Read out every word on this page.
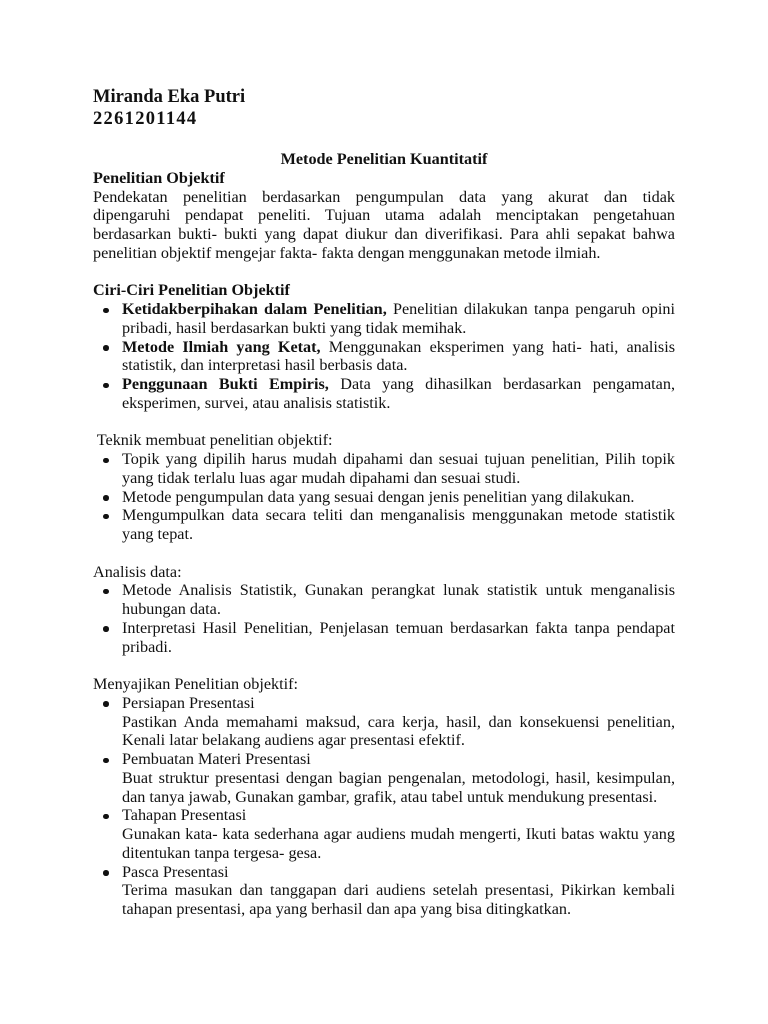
Miranda Eka Putri
2261201144
Metode Penelitian Kuantitatif
Penelitian Objektif
Pendekatan penelitian berdasarkan pengumpulan data yang akurat dan tidak
dipengaruhi pendapat peneliti. Tujuan utama adalah menciptakan pengetahuan
berdasarkan bukti- bukti yang dapat diukur dan diverifikasi. Para ahli sepakat bahwa
penelitian objektif mengejar fakta- fakta dengan menggunakan metode ilmiah.
Ciri-Ciri Penelitian Objektif
Ketidakberpihakan dalam Penelitian, Penelitian dilakukan tanpa pengaruh opini
pribadi, hasil berdasarkan bukti yang tidak memihak.
Metode Ilmiah yang Ketat, Menggunakan eksperimen yang hati- hati, analisis
statistik, dan interpretasi hasil berbasis data.
Penggunaan Bukti Empiris, Data yang dihasilkan berdasarkan pengamatan,
eksperimen, survei, atau analisis statistik.
Teknik membuat penelitian objektif:
Topik yang dipilih harus mudah dipahami dan sesuai tujuan penelitian, Pilih topik
yang tidak terlalu luas agar mudah dipahami dan sesuai studi.
Metode pengumpulan data yang sesuai dengan jenis penelitian yang dilakukan.
Mengumpulkan data secara teliti dan menganalisis menggunakan metode statistik
yang tepat.
Analisis data:
Metode Analisis Statistik, Gunakan perangkat lunak statistik untuk menganalisis
hubungan data.
Interpretasi Hasil Penelitian, Penjelasan temuan berdasarkan fakta tanpa pendapat
pribadi.
Menyajikan Penelitian objektif:
Persiapan Presentasi
Pastikan Anda memahami maksud, cara kerja, hasil, dan konsekuensi penelitian,
Kenali latar belakang audiens agar presentasi efektif.
Pembuatan Materi Presentasi
Buat struktur presentasi dengan bagian pengenalan, metodologi, hasil, kesimpulan,
dan tanya jawab, Gunakan gambar, grafik, atau tabel untuk mendukung presentasi.
Tahapan Presentasi
Gunakan kata- kata sederhana agar audiens mudah mengerti, Ikuti batas waktu yang
ditentukan tanpa tergesa- gesa.
Pasca Presentasi
Terima masukan dan tanggapan dari audiens setelah presentasi, Pikirkan kembali
tahapan presentasi, apa yang berhasil dan apa yang bisa ditingkatkan.
